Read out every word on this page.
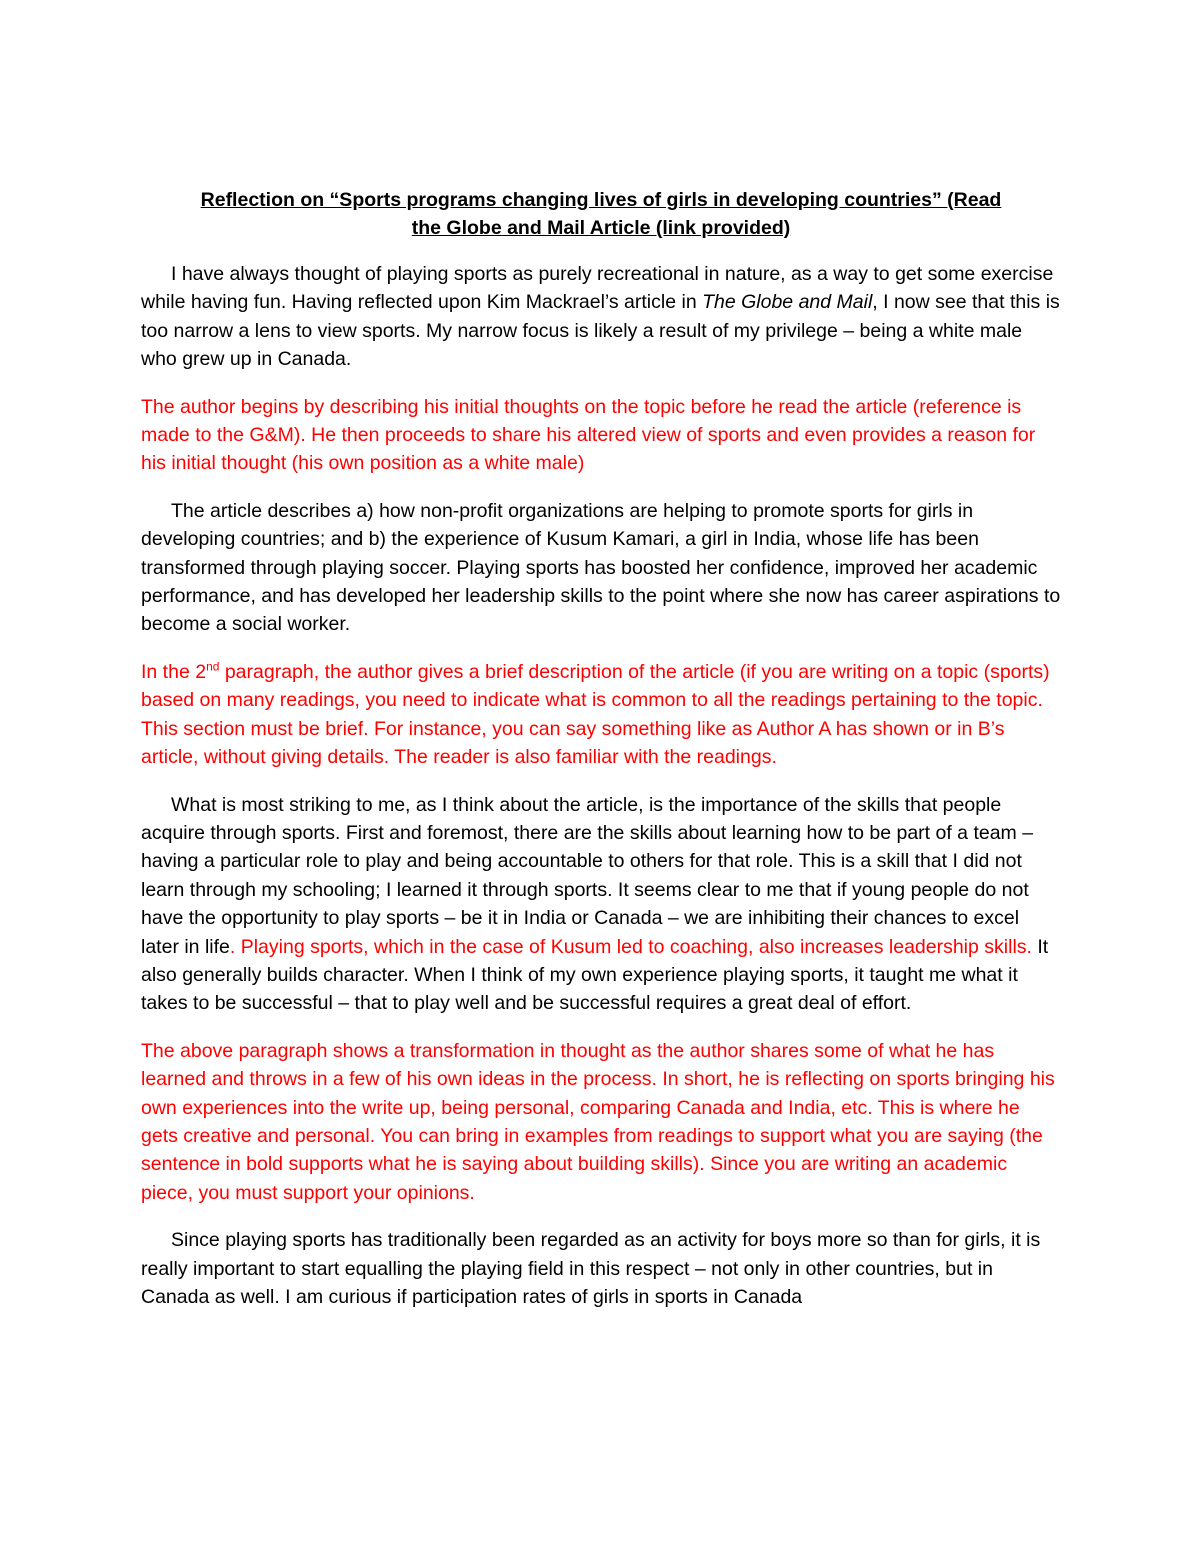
Reflection on “Sports programs changing lives of girls in developing countries” (Read
the Globe and Mail Article (link provided)

I have always thought of playing sports as purely recreational in nature, as a way to get some exercise while having fun. Having reflected upon Kim Mackrael’s article in The Globe and Mail, I now see that this is too narrow a lens to view sports. My narrow focus is likely a result of my privilege – being a white male who grew up in Canada.

The author begins by describing his initial thoughts on the topic before he read the article (reference is made to the G&M). He then proceeds to share his altered view of sports and even provides a reason for his initial thought (his own position as a white male)

The article describes a) how non-profit organizations are helping to promote sports for girls in developing countries; and b) the experience of Kusum Kamari, a girl in India, whose life has been transformed through playing soccer. Playing sports has boosted her confidence, improved her academic performance, and has developed her leadership skills to the point where she now has career aspirations to become a social worker.

In the 2nd paragraph, the author gives a brief description of the article (if you are writing on a topic (sports) based on many readings, you need to indicate what is common to all the readings pertaining to the topic. This section must be brief. For instance, you can say something like as Author A has shown or in B’s article, without giving details. The reader is also familiar with the readings.

What is most striking to me, as I think about the article, is the importance of the skills that people acquire through sports. First and foremost, there are the skills about learning how to be part of a team – having a particular role to play and being accountable to others for that role. This is a skill that I did not learn through my schooling; I learned it through sports. It seems clear to me that if young people do not have the opportunity to play sports – be it in India or Canada – we are inhibiting their chances to excel later in life. Playing sports, which in the case of Kusum led to coaching, also increases leadership skills. It also generally builds character. When I think of my own experience playing sports, it taught me what it takes to be successful – that to play well and be successful requires a great deal of effort.

The above paragraph shows a transformation in thought as the author shares some of what he has learned and throws in a few of his own ideas in the process. In short, he is reflecting on sports bringing his own experiences into the write up, being personal, comparing Canada and India, etc. This is where he gets creative and personal. You can bring in examples from readings to support what you are saying (the sentence in bold supports what he is saying about building skills). Since you are writing an academic piece, you must support your opinions.

Since playing sports has traditionally been regarded as an activity for boys more so than for girls, it is really important to start equalling the playing field in this respect – not only in other countries, but in Canada as well. I am curious if participation rates of girls in sports in Canada
